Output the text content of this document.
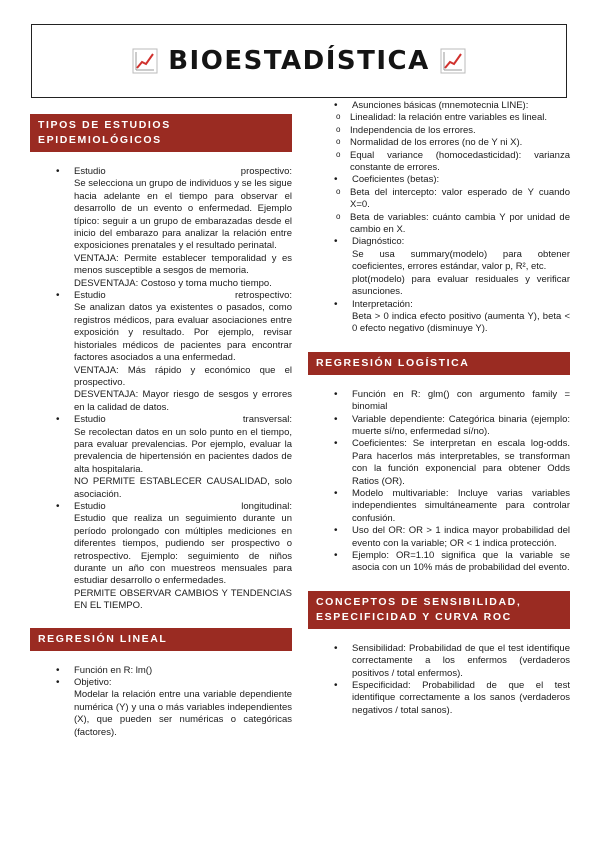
BIOESTADÍSTICA
TIPOS DE ESTUDIOS EPIDEMIOLÓGICOS
• Estudio prospectivo:
Se selecciona un grupo de individuos y se les sigue hacia adelante en el tiempo para observar el desarrollo de un evento o enfermedad. Ejemplo típico: seguir a un grupo de embarazadas desde el inicio del embarazo para analizar la relación entre exposiciones prenatales y el resultado perinatal.
VENTAJA: Permite establecer temporalidad y es menos susceptible a sesgos de memoria.
DESVENTAJA: Costoso y toma mucho tiempo.
• Estudio retrospectivo:
Se analizan datos ya existentes o pasados, como registros médicos, para evaluar asociaciones entre exposición y resultado. Por ejemplo, revisar historiales médicos de pacientes para encontrar factores asociados a una enfermedad.
VENTAJA: Más rápido y económico que el prospectivo.
DESVENTAJA: Mayor riesgo de sesgos y errores en la calidad de datos.
• Estudio transversal:
Se recolectan datos en un solo punto en el tiempo, para evaluar prevalencias. Por ejemplo, evaluar la prevalencia de hipertensión en pacientes dados de alta hospitalaria.
NO PERMITE ESTABLECER CAUSALIDAD, solo asociación.
• Estudio longitudinal:
Estudio que realiza un seguimiento durante un período prolongado con múltiples mediciones en diferentes tiempos, pudiendo ser prospectivo o retrospectivo. Ejemplo: seguimiento de niños durante un año con muestreos mensuales para estudiar desarrollo o enfermedades.
PERMITE OBSERVAR CAMBIOS Y TENDENCIAS EN EL TIEMPO.
REGRESIÓN LINEAL
• Función en R: lm()
• Objetivo:
Modelar la relación entre una variable dependiente numérica (Y) y una o más variables independientes (X), que pueden ser numéricas o categóricas (factores).
• Asunciones básicas (mnemotecnia LINE):
o Linealidad: la relación entre variables es lineal.
o Independencia de los errores.
o Normalidad de los errores (no de Y ni X).
o Equal variance (homocedasticidad): varianza constante de errores.
• Coeficientes (betas):
o Beta del intercepto: valor esperado de Y cuando X=0.
o Beta de variables: cuánto cambia Y por unidad de cambio en X.
• Diagnóstico:
Se usa summary(modelo) para obtener coeficientes, errores estándar, valor p, R², etc.
plot(modelo) para evaluar residuales y verificar asunciones.
• Interpretación:
Beta > 0 indica efecto positivo (aumenta Y), beta < 0 efecto negativo (disminuye Y).
REGRESIÓN LOGÍSTICA
• Función en R: glm() con argumento family = binomial
• Variable dependiente: Categórica binaria (ejemplo: muerte sí/no, enfermedad sí/no).
• Coeficientes: Se interpretan en escala log-odds. Para hacerlos más interpretables, se transforman con la función exponencial para obtener Odds Ratios (OR).
• Modelo multivariable: Incluye varias variables independientes simultáneamente para controlar confusión.
• Uso del OR: OR > 1 indica mayor probabilidad del evento con la variable; OR < 1 indica protección.
• Ejemplo: OR=1.10 significa que la variable se asocia con un 10% más de probabilidad del evento.
CONCEPTOS DE SENSIBILIDAD,
ESPECIFICIDAD Y CURVA ROC
• Sensibilidad: Probabilidad de que el test identifique correctamente a los enfermos (verdaderos positivos / total enfermos).
• Especificidad: Probabilidad de que el test identifique correctamente a los sanos (verdaderos negativos / total sanos).
